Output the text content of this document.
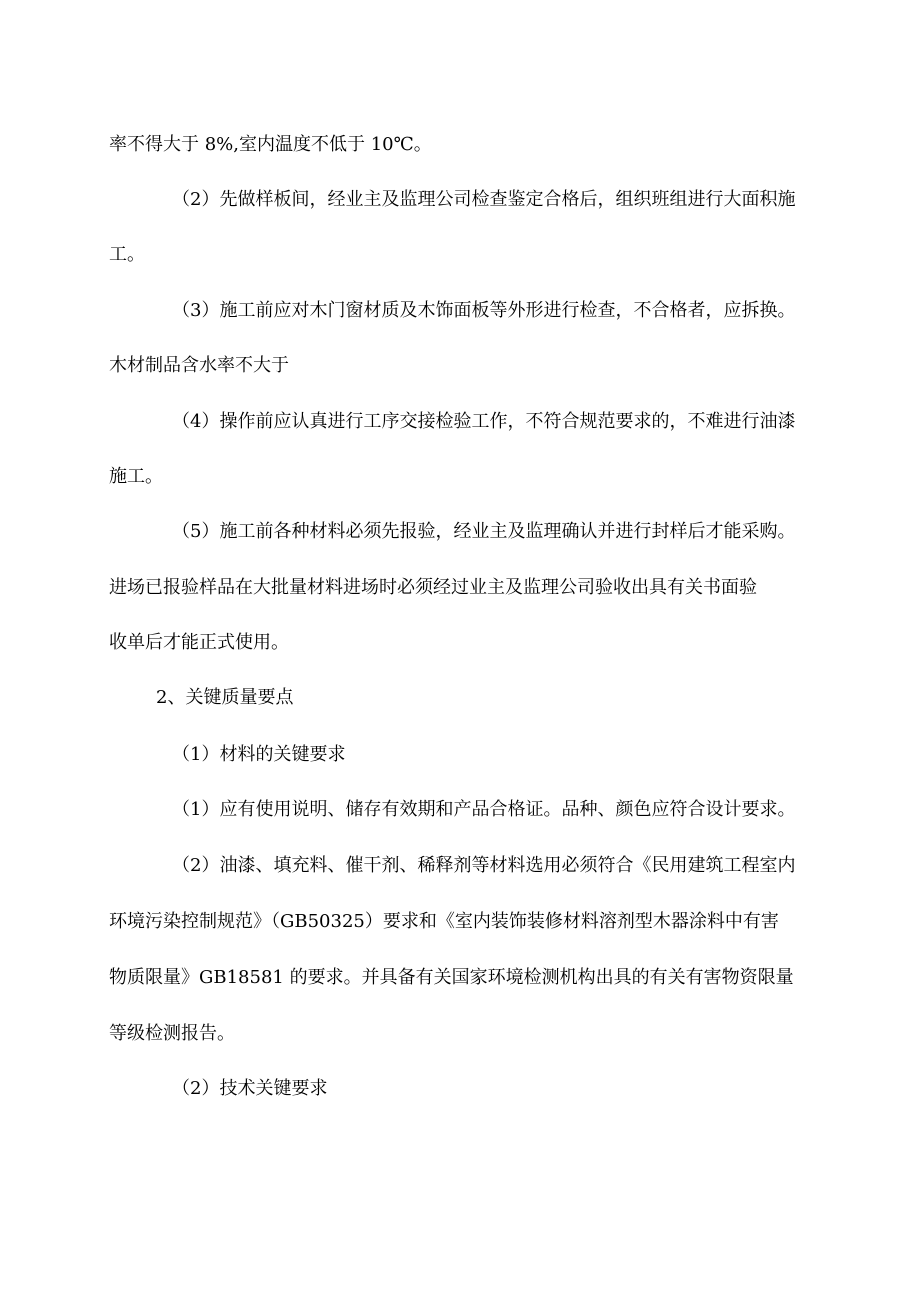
率不得大于 8%,室内温度不低于 10℃。
（2）先做样板间，经业主及监理公司检查鉴定合格后，组织班组进行大面积施
工。
（3）施工前应对木门窗材质及木饰面板等外形进行检查，不合格者，应拆换。
木材制品含水率不大于
（4）操作前应认真进行工序交接检验工作，不符合规范要求的，不难进行油漆
施工。
（5）施工前各种材料必须先报验，经业主及监理确认并进行封样后才能采购。
进场已报验样品在大批量材料进场时必须经过业主及监理公司验收出具有关书面验
收单后才能正式使用。
2、关键质量要点
（1）材料的关键要求
（1）应有使用说明、储存有效期和产品合格证。品种、颜色应符合设计要求。
（2）油漆、填充料、催干剂、稀释剂等材料选用必须符合《民用建筑工程室内
环境污染控制规范》（GB50325）要求和《室内装饰装修材料溶剂型木器涂料中有害
物质限量》GB18581 的要求。并具备有关国家环境检测机构出具的有关有害物资限量
等级检测报告。
（2）技术关键要求
